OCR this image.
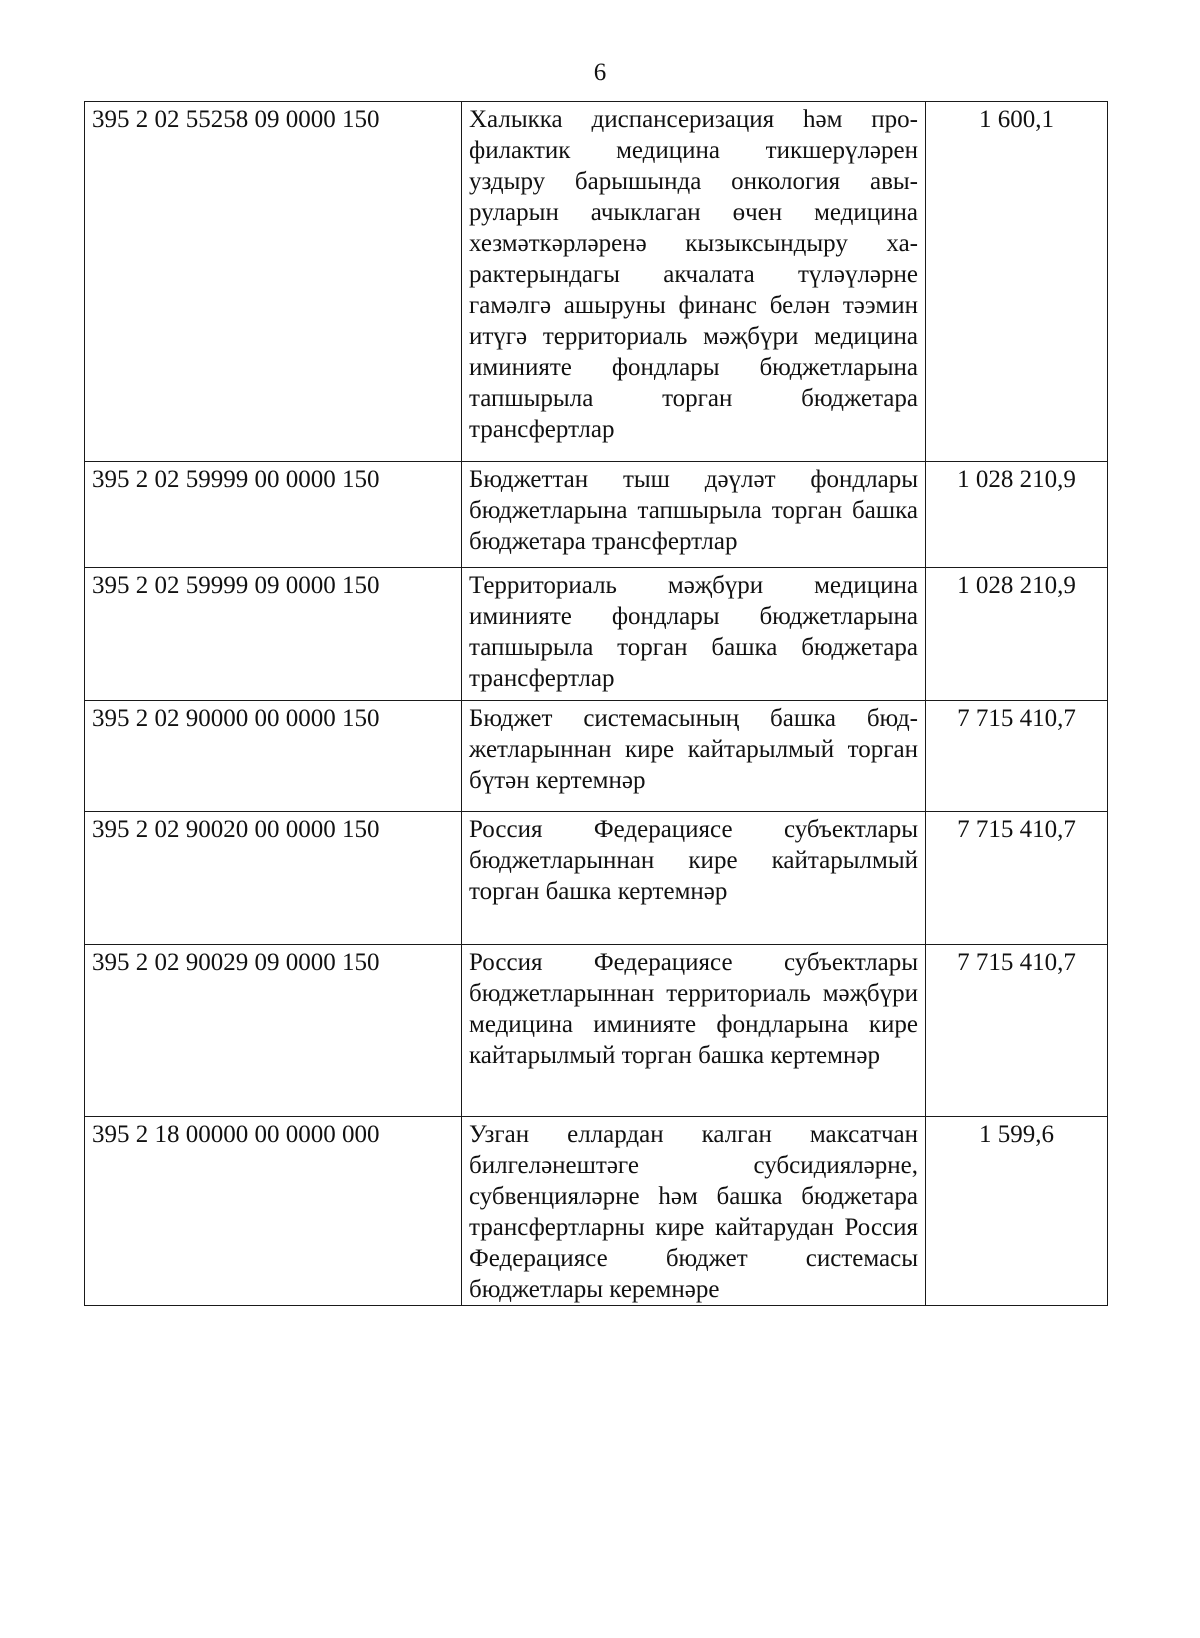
6
395 2 02 55258 09 0000 150	Халыкка диспансеризация һәм профилактик медицина тикшерүләрен уздыру барышында онкология авыруларын ачыклаган өчен медицина хезмәткәрләренә кызыксындыру характерындагы акчалата түләүләрне гамәлгә ашыруны финанс белән тәэмин итүгә территориаль мәҗбүри медицина иминияте фондлары бюджетларына тапшырыла торган бюджетара трансфертлар	1 600,1
395 2 02 59999 00 0000 150	Бюджеттан тыш дәүләт фондлары бюджетларына тапшырыла торган башка бюджетара трансфертлар	1 028 210,9
395 2 02 59999 09 0000 150	Территориаль мәҗбүри медицина иминияте фондлары бюджетларына тапшырыла торган башка бюджетара трансфертлар	1 028 210,9
395 2 02 90000 00 0000 150	Бюджет системасының башка бюджетларыннан кире кайтарылмый торган бүтән кертемнәр	7 715 410,7
395 2 02 90020 00 0000 150	Россия Федерациясе субъектлары бюджетларыннан кире кайтарылмый торган башка кертемнәр	7 715 410,7
395 2 02 90029 09 0000 150	Россия Федерациясе субъектлары бюджетларыннан территориаль мәҗбүри медицина иминияте фондларына кире кайтарылмый торган башка кертемнәр	7 715 410,7
395 2 18 00000 00 0000 000	Узган еллардан калган максатчан билгеләнештәге субсидияләрне, субвенцияләрне һәм башка бюджетара трансфертларны кире кайтарудан Россия Федерациясе бюджет системасы бюджетлары керемнәре	1 599,6
